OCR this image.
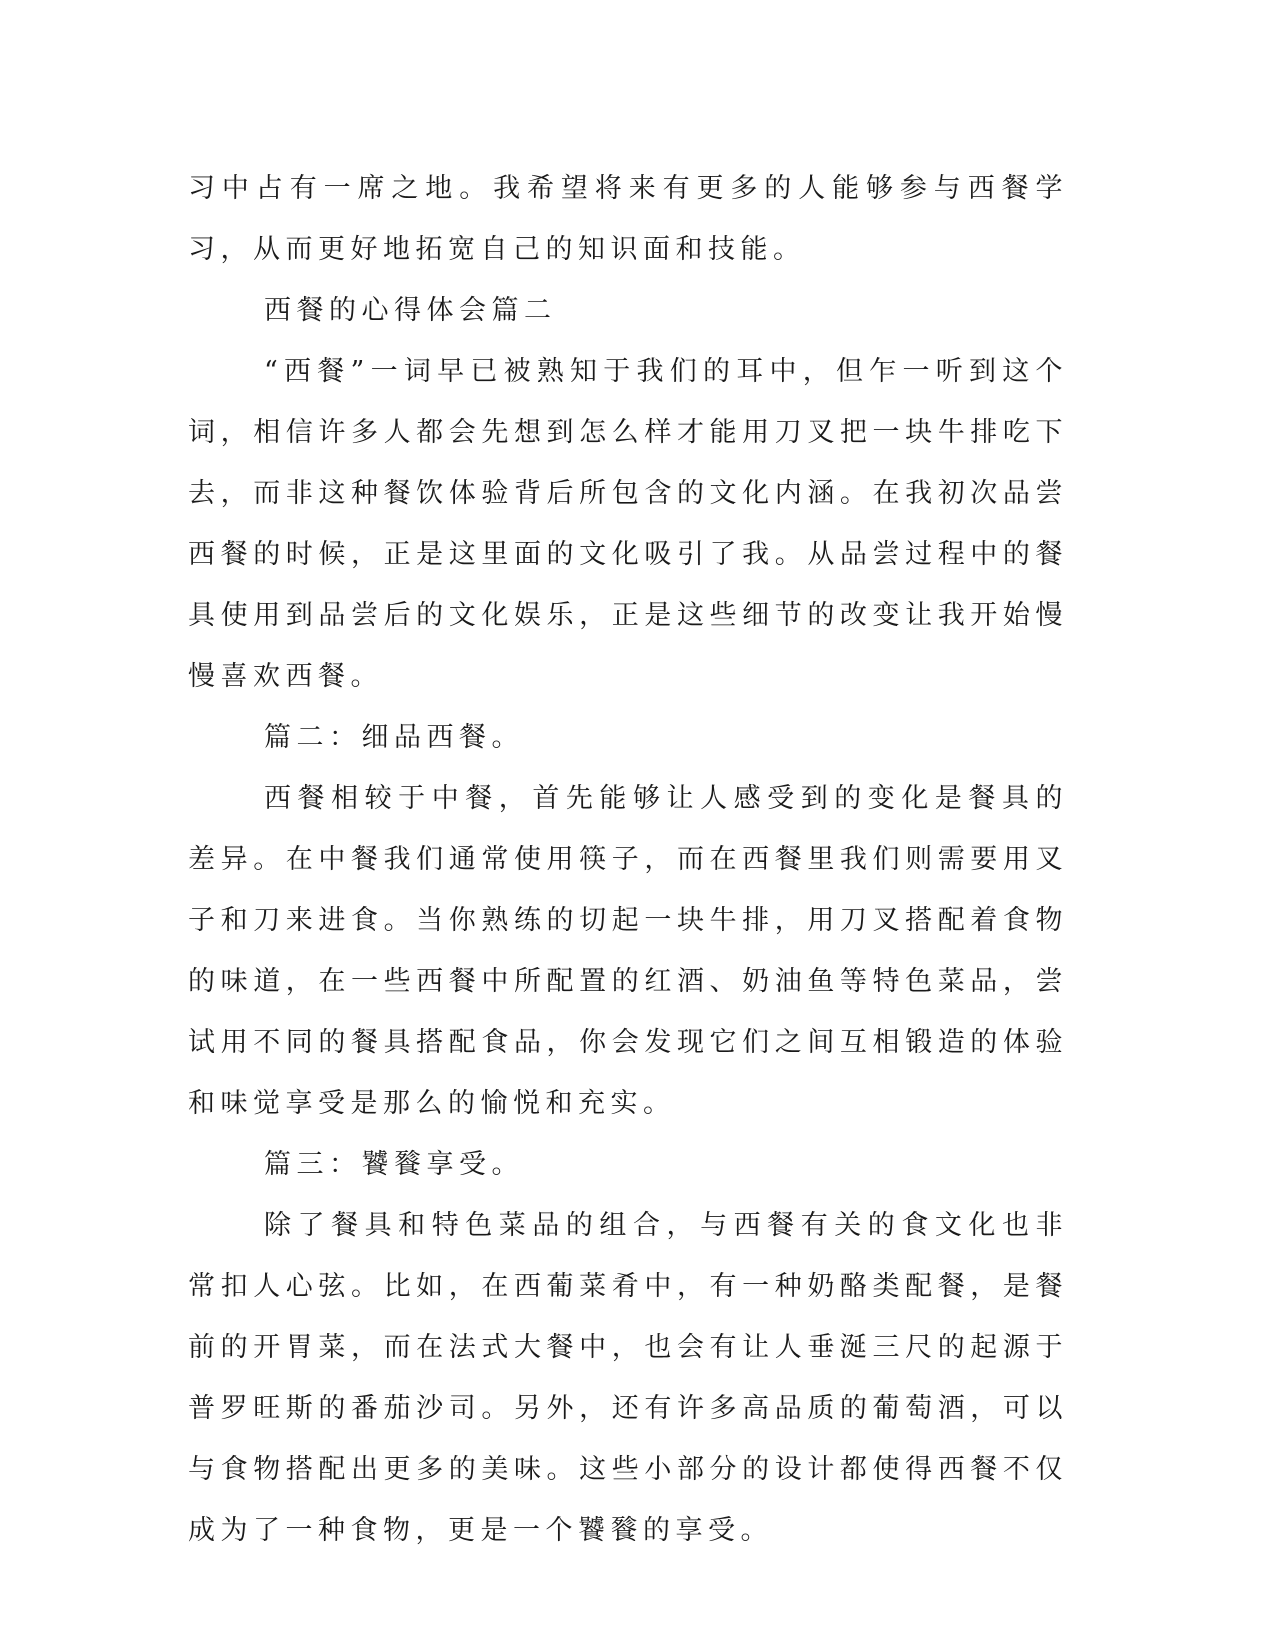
习中占有一席之地。我希望将来有更多的人能够参与西餐学习，从而更好地拓宽自己的知识面和技能。

西餐的心得体会篇二

“西餐”一词早已被熟知于我们的耳中，但乍一听到这个词，相信许多人都会先想到怎么样才能用刀叉把一块牛排吃下去，而非这种餐饮体验背后所包含的文化内涵。在我初次品尝西餐的时候，正是这里面的文化吸引了我。从品尝过程中的餐具使用到品尝后的文化娱乐，正是这些细节的改变让我开始慢慢喜欢西餐。

篇二：细品西餐。

西餐相较于中餐，首先能够让人感受到的变化是餐具的差异。在中餐我们通常使用筷子，而在西餐里我们则需要用叉子和刀来进食。当你熟练的切起一块牛排，用刀叉搭配着食物的味道，在一些西餐中所配置的红酒、奶油鱼等特色菜品，尝试用不同的餐具搭配食品，你会发现它们之间互相锻造的体验和味觉享受是那么的愉悦和充实。

篇三：饕餮享受。

除了餐具和特色菜品的组合，与西餐有关的食文化也非常扣人心弦。比如，在西葡菜肴中，有一种奶酪类配餐，是餐前的开胃菜，而在法式大餐中，也会有让人垂涎三尺的起源于普罗旺斯的番茄沙司。另外，还有许多高品质的葡萄酒，可以与食物搭配出更多的美味。这些小部分的设计都使得西餐不仅成为了一种食物，更是一个饕餮的享受。
